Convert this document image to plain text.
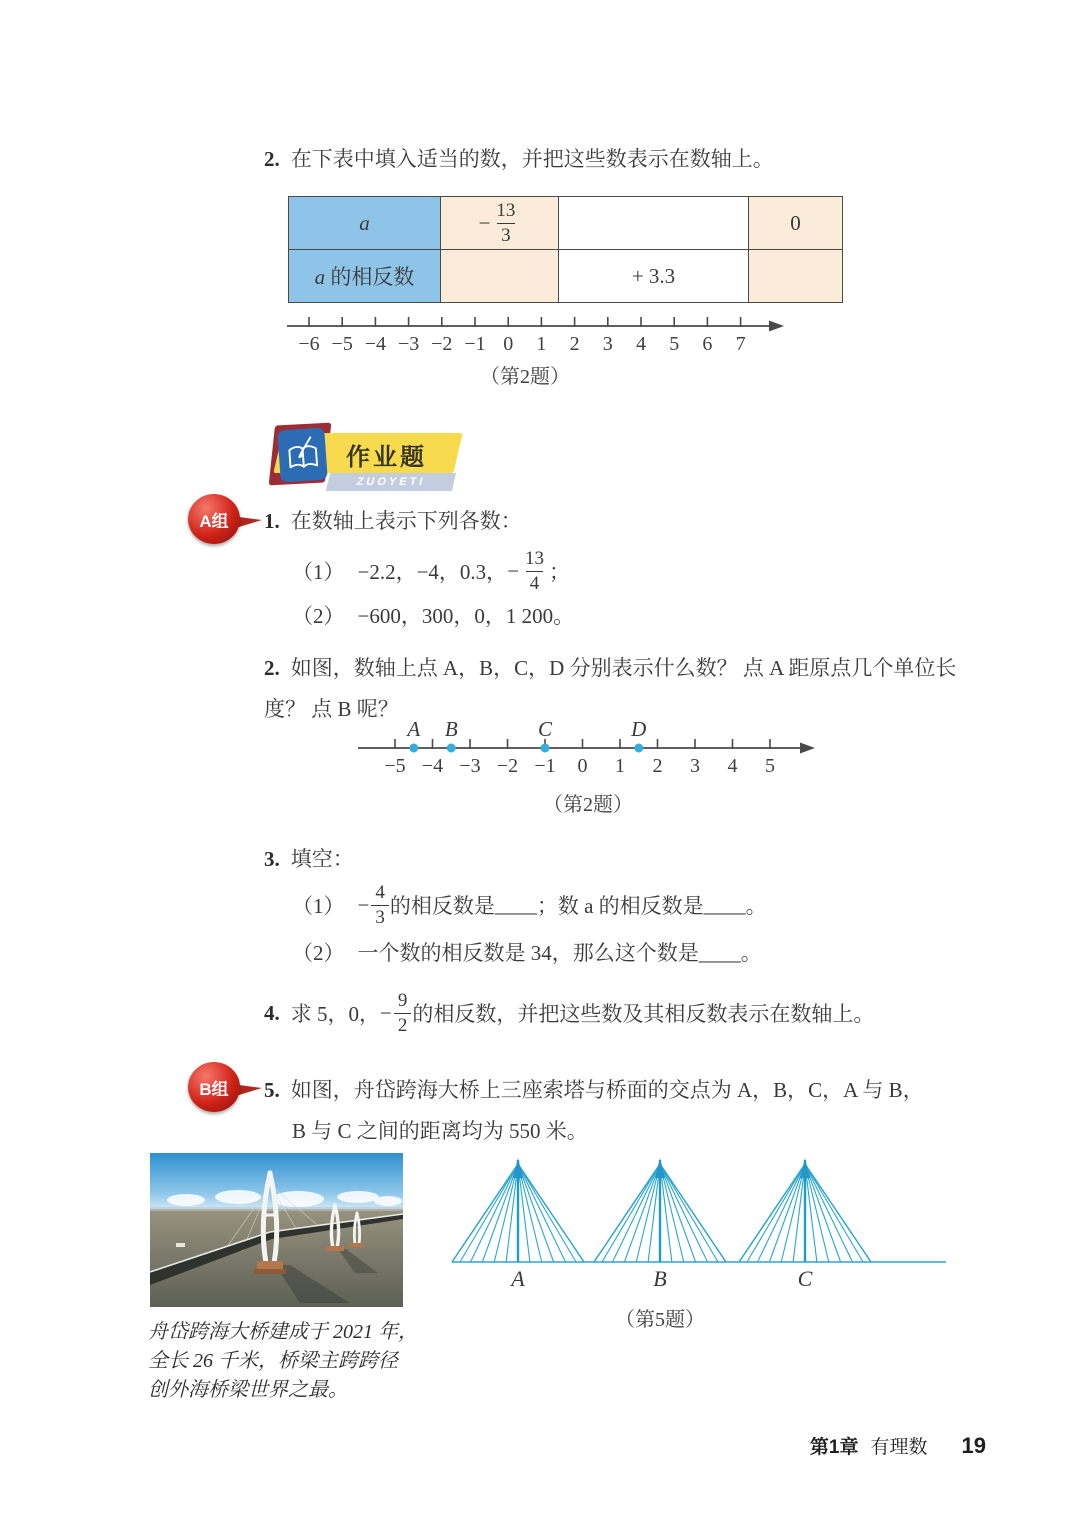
2. 在下表中填入适当的数，并把这些数表示在数轴上。
a	− $\frac{13}{3}$		0
a 的相反数		+ 3.3	
−6 −5 −4 −3 −2 −1 0 1 2 3 4 5 6 7
（第2题）
ZUOYETI
作业题
A组 1. 在数轴上表示下列各数：
（1） −2.2，−4，0.3， − $\frac{13}{4}$ ；
（2） −600，300，0，1 200。
2. 如图，数轴上点 A，B，C，D 分别表示什么数？ 点 A 距原点几个单位长度？ 点 B 呢？
−5 −4 −3 −2 −1 0 1 2 3 4 5
A B	C	D
（第2题）
3. 填空：
$(1) - \frac{4}{3}$ 的相反数是 ____ ；数 a 的相反数是 ____ 。
（2） 一个数的相反数是 34，那么这个数是____。
4. 求 5，0， − $\frac{9}{2}$ 的相反数，并把这些数及其相反数表示在数轴上。
B组 5. 如图，舟岱跨海大桥上三座索塔与桥面的交点为 A，B，C，A 与 B，
B 与 C 之间的距离均为 550 米。
舟岱跨海大桥建成于 2021 年，
全长 26 千米，桥梁主跨跨径
创外海桥梁世界之最。
A	B	C
（第5题）
第1章 有理数 19
